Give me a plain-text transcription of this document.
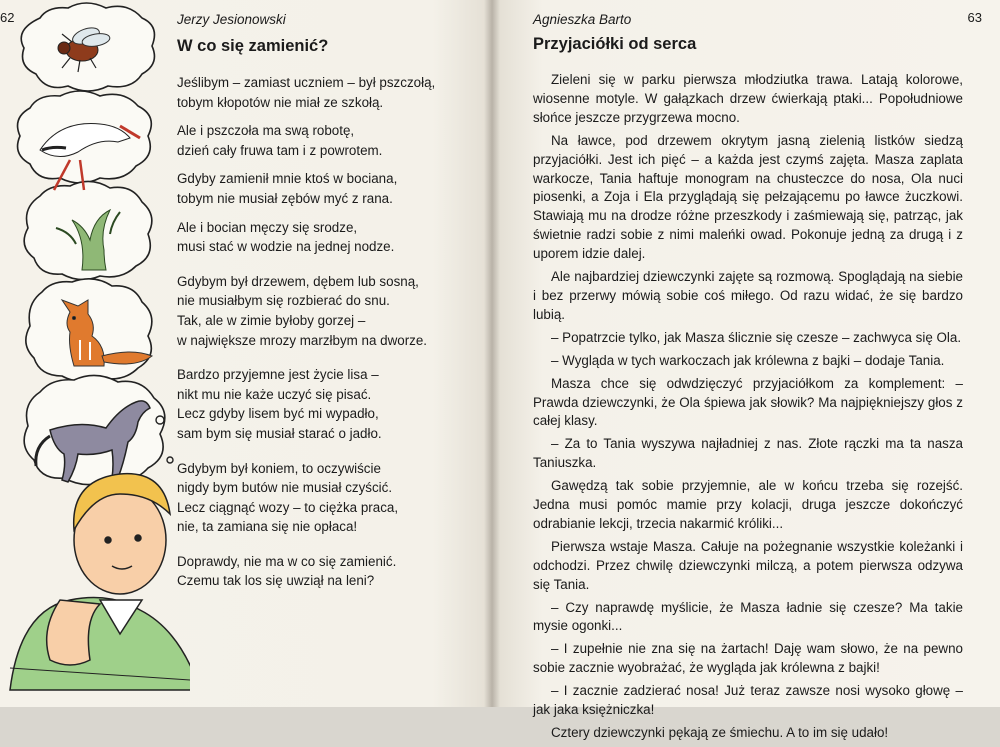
62	Jerzy Jesionowski
W co się zamienić?
Jeślibym – zamiast uczniem – był pszczołą,
tobym kłopotów nie miał ze szkołą.
Ale i pszczoła ma swą robotę,
dzień cały fruwa tam i z powrotem.
Gdyby zamienił mnie ktoś w bociana,
tobym nie musiał zębów myć z rana.
Ale i bocian męczy się srodze,
musi stać w wodzie na jednej nodze.
Gdybym był drzewem, dębem lub sosną,
nie musiałbym się rozbierać do snu.
Tak, ale w zimie byłoby gorzej –
w największe mrozy marzłbym na dworze.
Bardzo przyjemne jest życie lisa –
nikt mu nie każe uczyć się pisać.
Lecz gdyby lisem być mi wypadło,
sam bym się musiał starać o jadło.
Gdybym był koniem, to oczywiście
nigdy bym butów nie musiał czyścić.
Lecz ciągnąć wozy – to ciężka praca,
nie, ta zamiana się nie opłaca!
Doprawdy, nie ma w co się zamienić.
Czemu tak los się uwziął na leni?
63
Agnieszka Barto
Przyjaciółki od serca

Zieleni się w parku pierwsza młodziutka trawa. Latają kolorowe, wiosenne motyle. W gałązkach drzew ćwierkają ptaki... Popołudniowe słońce jeszcze przygrzewa mocno.

Na ławce, pod drzewem okrytym jasną zielenią listków siedzą przyjaciółki. Jest ich pięć – a każda jest czymś zajęta. Masza zaplata warkocze, Tania haftuje monogram na chusteczce do nosa, Ola nuci piosenki, a Zoja i Ela przyglądają się pełzającemu po ławce żuczkowi. Stawiają mu na drodze różne przeszkody i zaśmiewają się, patrząc, jak świetnie radzi sobie z nimi maleńki owad. Pokonuje jedną za drugą i z uporem idzie dalej.

Ale najbardziej dziewczynki zajęte są rozmową. Spoglądają na siebie i bez przerwy mówią sobie coś miłego. Od razu widać, że się bardzo lubią.

– Popatrzcie tylko, jak Masza ślicznie się czesze – zachwyca się Ola.

– Wygląda w tych warkoczach jak królewna z bajki – dodaje Tania.

Masza chce się odwdzięczyć przyjaciółkom za komplement: – Prawda dziewczynki, że Ola śpiewa jak słowik? Ma najpiękniejszy głos z całej klasy.

– Za to Tania wyszywa najładniej z nas. Złote rączki ma ta nasza Taniuszka.

Gawędzą tak sobie przyjemnie, ale w końcu trzeba się rozejść. Jedna musi pomóc mamie przy kolacji, druga jeszcze dokończyć odrabianie lekcji, trzecia nakarmić króliki...

Pierwsza wstaje Masza. Całuje na pożegnanie wszystkie koleżanki i odchodzi. Przez chwilę dziewczynki milczą, a potem pierwsza odzywa się Tania.

– Czy naprawdę myślicie, że Masza ładnie się czesze? Ma takie mysie ogonki...

– I zupełnie nie zna się na żartach! Daję wam słowo, że na pewno sobie zacznie wyobrażać, że wygląda jak królewna z bajki!

– I zacznie zadzierać nosa! Już teraz zawsze nosi wysoko głowę – jak jaka księżniczka!

Cztery dziewczynki pękają ze śmiechu. A to im się udało!
